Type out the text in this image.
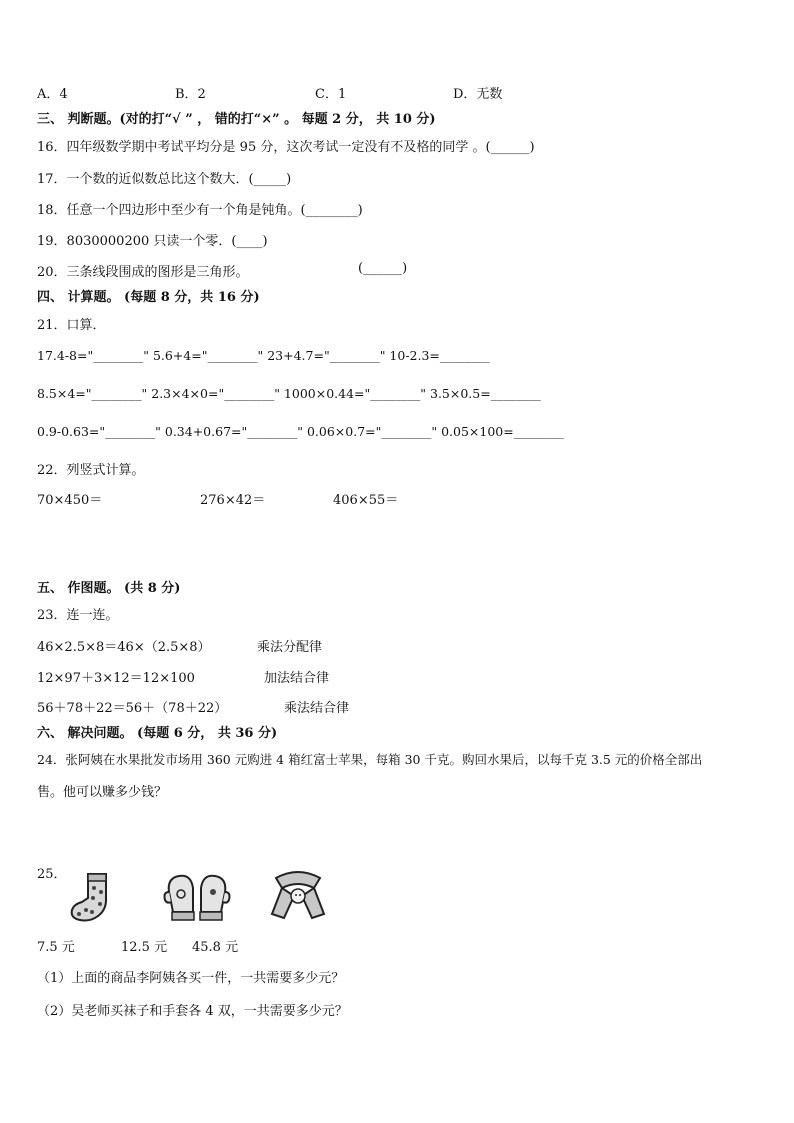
A．4	B．2	C．1	D．无数
三、 判断题。(对的打“√ ” ， 错的打“×” 。 每题 2 分， 共 10 分)
16．四年级数学期中考试平均分是 95 分，这次考试一定没有不及格的同学 。(______)
17．一个数的近似数总比这个数大．(_____)
18．任意一个四边形中至少有一个角是钝角。(________)
19．8030000200 只读一个零．(____)
20．三条线段围成的图形是三角形。	(______)
四、 计算题。 (每题 8 分，共 16 分)
21．口算．
17.4-8="________" 5.6+4="________" 23+4.7="________" 10-2.3=________
8.5×4="________" 2.3×4×0="________" 1000×0.44="________" 3.5×0.5=________
0.9-0.63="________" 0.34+0.67="________" 0.06×0.7="________" 0.05×100=________
22．列竖式计算。
70×450＝	276×42＝	406×55＝
五、 作图题。 (共 8 分)
23．连一连。
46×2.5×8＝46×（2.5×8）	乘法分配律
12×97＋3×12＝12×100	加法结合律
56＋78＋22＝56＋（78＋22）	乘法结合律
六、 解决问题。 (每题 6 分， 共 36 分)
24．张阿姨在水果批发市场用 360 元购进 4 箱红富士苹果，每箱 30 千克。购回水果后，以每千克 3.5 元的价格全部出
售。他可以赚多少钱？
25．
7.5 元	12.5 元 45.8 元
（1）上面的商品李阿姨各买一件，一共需要多少元？
（2）吴老师买袜子和手套各 4 双，一共需要多少元？
